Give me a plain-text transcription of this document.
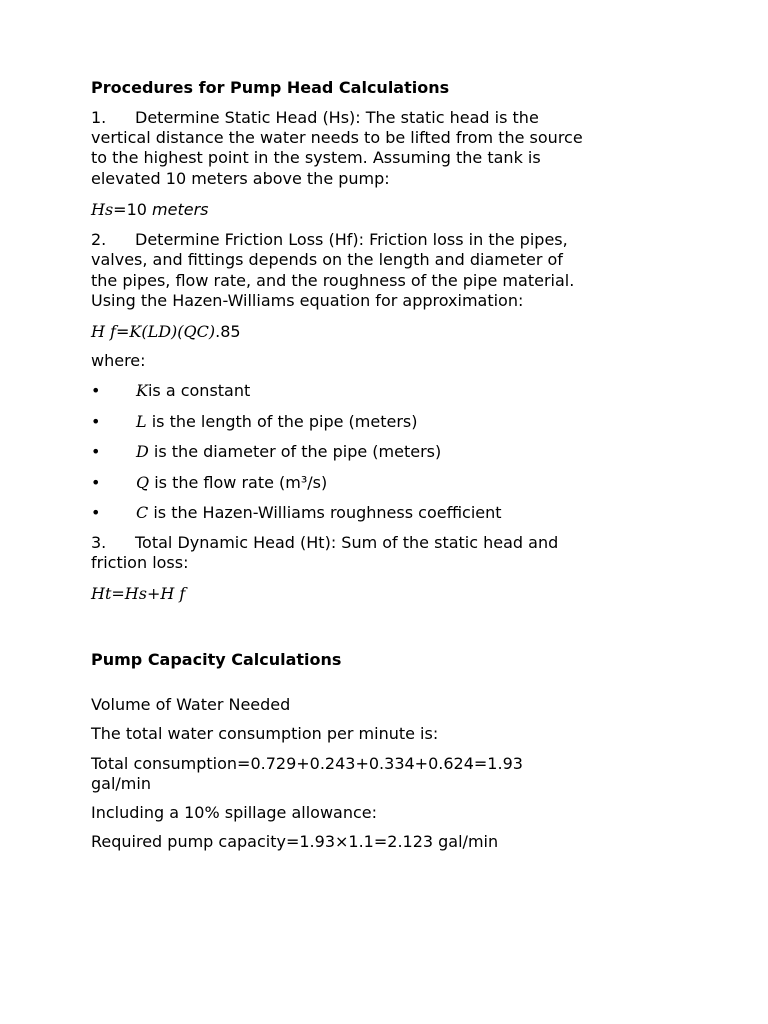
Procedures for Pump Head Calculations

1. Determine Static Head (Hs): The static head is the

vertical distance the water needs to be lifted from the source

to the highest point in the system. Assuming the tank is

elevated 10 meters above the pump:

Hs=10 meters

2. Determine Friction Loss (Hf): Friction loss in the pipes,

valves, and fittings depends on the length and diameter of

the pipes, flow rate, and the roughness of the pipe material.

Using the Hazen-Williams equation for approximation:

H f=K(LD)(QC).85

where:

• Kis a constant
• L is the length of the pipe (meters)
• D is the diameter of the pipe (meters)
• Q is the flow rate (m³/s)
• C is the Hazen-Williams roughness coefficient

3. Total Dynamic Head (Ht): Sum of the static head and

friction loss:

Ht=Hs+H f

Pump Capacity Calculations

Volume of Water Needed

The total water consumption per minute is:

Total consumption=0.729+0.243+0.334+0.624=1.93

gal/min

Including a 10% spillage allowance:

Required pump capacity=1.93×1.1=2.123 gal/min
